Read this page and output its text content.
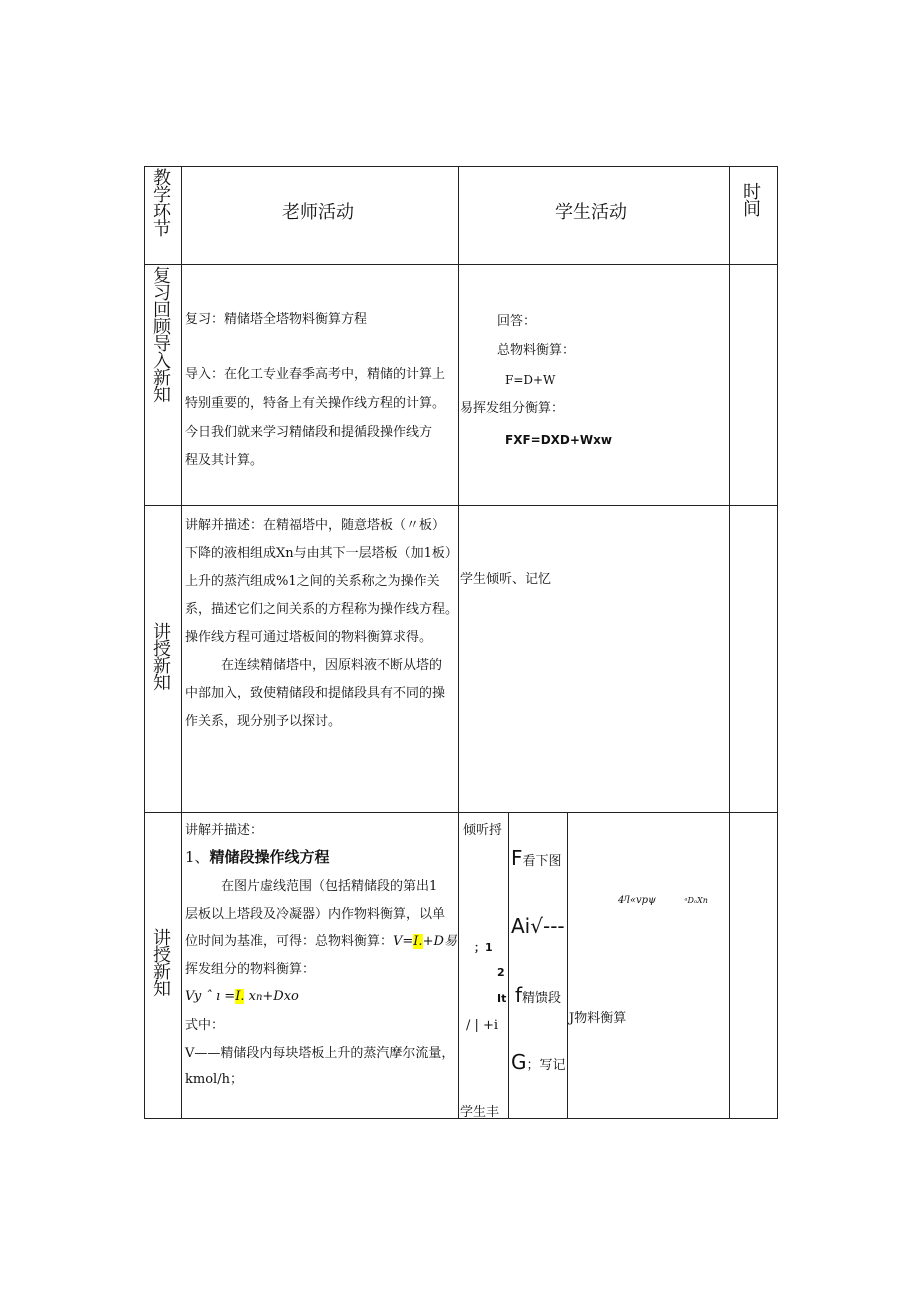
教学环节
老师活动	学生活动
时间
复习回顾导入新知
复习：精储塔全塔物料衡算方程
导入：在化工专业春季高考中，精储的计算上
特别重要的，特备上有关操作线方程的计算。
今日我们就来学习精储段和提循段操作线方
程及其计算。
回答：
总物料衡算：
F=D+W
易挥发组分衡算：
FXF=DXD+Wxw
讲授新知
讲解并描述：在精福塔中，随意塔板（〃板）
下降的液相组成Xn与由其下一层塔板（加1板）
上升的蒸汽组成%1之间的关系称之为操作关
系，描述它们之间关系的方程称为操作线方程。
操作线方程可通过塔板间的物料衡算求得。
在连续精储塔中，因原料液不断从塔的
中部加入，致使精储段和提储段具有不同的操
作关系，现分别予以探讨。
学生倾听、记忆
讲授新知
讲解并描述：
1、精储段操作线方程
在图片虚线范围（包括精储段的第出1
层板以上塔段及冷凝器）内作物料衡算，以单
位时间为基准，可得：总物料衡算：V=I.+D易
挥发组分的物料衡算：
Vy ˆ ı =I. xn+Dxo
式中：
V——精储段内每块塔板上升的蒸汽摩尔流量，
kmol/h；
倾听捋
；1
2
It
/ | +i
学生丰
F看下图
Ai√---
f精馈段
G；写记
4ᶠl«vpψ	ᵃDₒXn
J物料衡算
